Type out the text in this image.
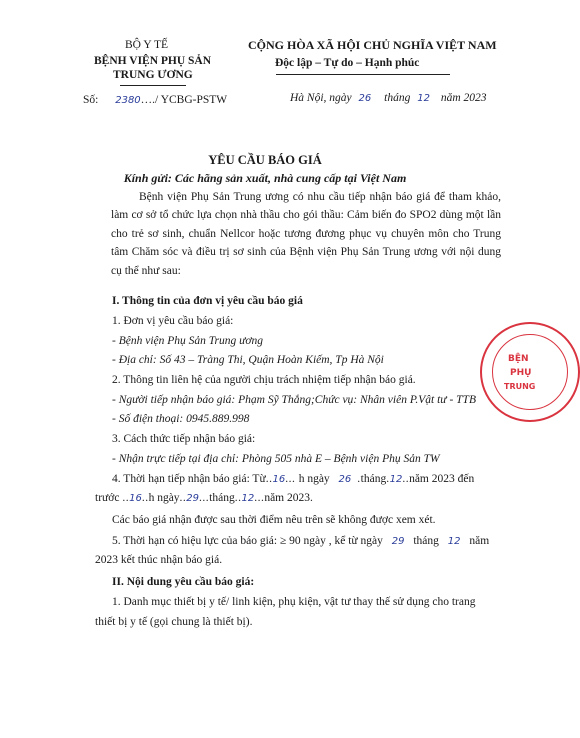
BỘ Y TẾ
BỆNH VIỆN PHỤ SẢN
TRUNG ƯƠNG
Số: 2380…./ YCBG-PSTW
CỘNG HÒA XÃ HỘI CHỦ NGHĨA VIỆT NAM
Độc lập – Tự do – Hạnh phúc
Hà Nội, ngày 26 tháng 12 năm 2023
YÊU CẦU BÁO GIÁ
Kính gửi: Các hãng sản xuất, nhà cung cấp tại Việt Nam
Bệnh viện Phụ Sản Trung ương có nhu cầu tiếp nhận báo giá để tham khảo, làm cơ sở tổ chức lựa chọn nhà thầu cho gói thầu: Cảm biến đo SPO2 dùng một lần cho trẻ sơ sinh, chuẩn Nellcor hoặc tương đương phục vụ chuyên môn cho Trung tâm Chăm sóc và điều trị sơ sinh của Bệnh viện Phụ Sản Trung ương với nội dung cụ thể như sau:
I. Thông tin của đơn vị yêu cầu báo giá
1. Đơn vị yêu cầu báo giá:
- Bệnh viện Phụ Sản Trung ương
- Địa chỉ: Số 43 – Tràng Thi, Quận Hoàn Kiếm, Tp Hà Nội
2. Thông tin liên hệ của người chịu trách nhiệm tiếp nhận báo giá.
- Người tiếp nhận báo giá: Phạm Sỹ Thắng;Chức vụ: Nhân viên P.Vật tư - TTB
- Số điện thoại: 0945.889.998
3. Cách thức tiếp nhận báo giá:
- Nhận trực tiếp tại địa chỉ: Phòng 505 nhà E – Bệnh viện Phụ Sản TW
4. Thời hạn tiếp nhận báo giá: Từ..16... h ngày 26 .tháng.12..năm 2023 đến
trước ..16..h ngày..29...tháng..12...năm 2023.
Các báo giá nhận được sau thời điểm nêu trên sẽ không được xem xét.
5. Thời hạn có hiệu lực của báo giá: ≥ 90 ngày , kể từ ngày 29 tháng 12 năm
2023 kết thúc nhận báo giá.
II. Nội dung yêu cầu báo giá:
1. Danh mục thiết bị y tế/ linh kiện, phụ kiện, vật tư thay thế sử dụng cho trang
thiết bị y tế (gọi chung là thiết bị).
BỆN
PHỤ
TRUNG
